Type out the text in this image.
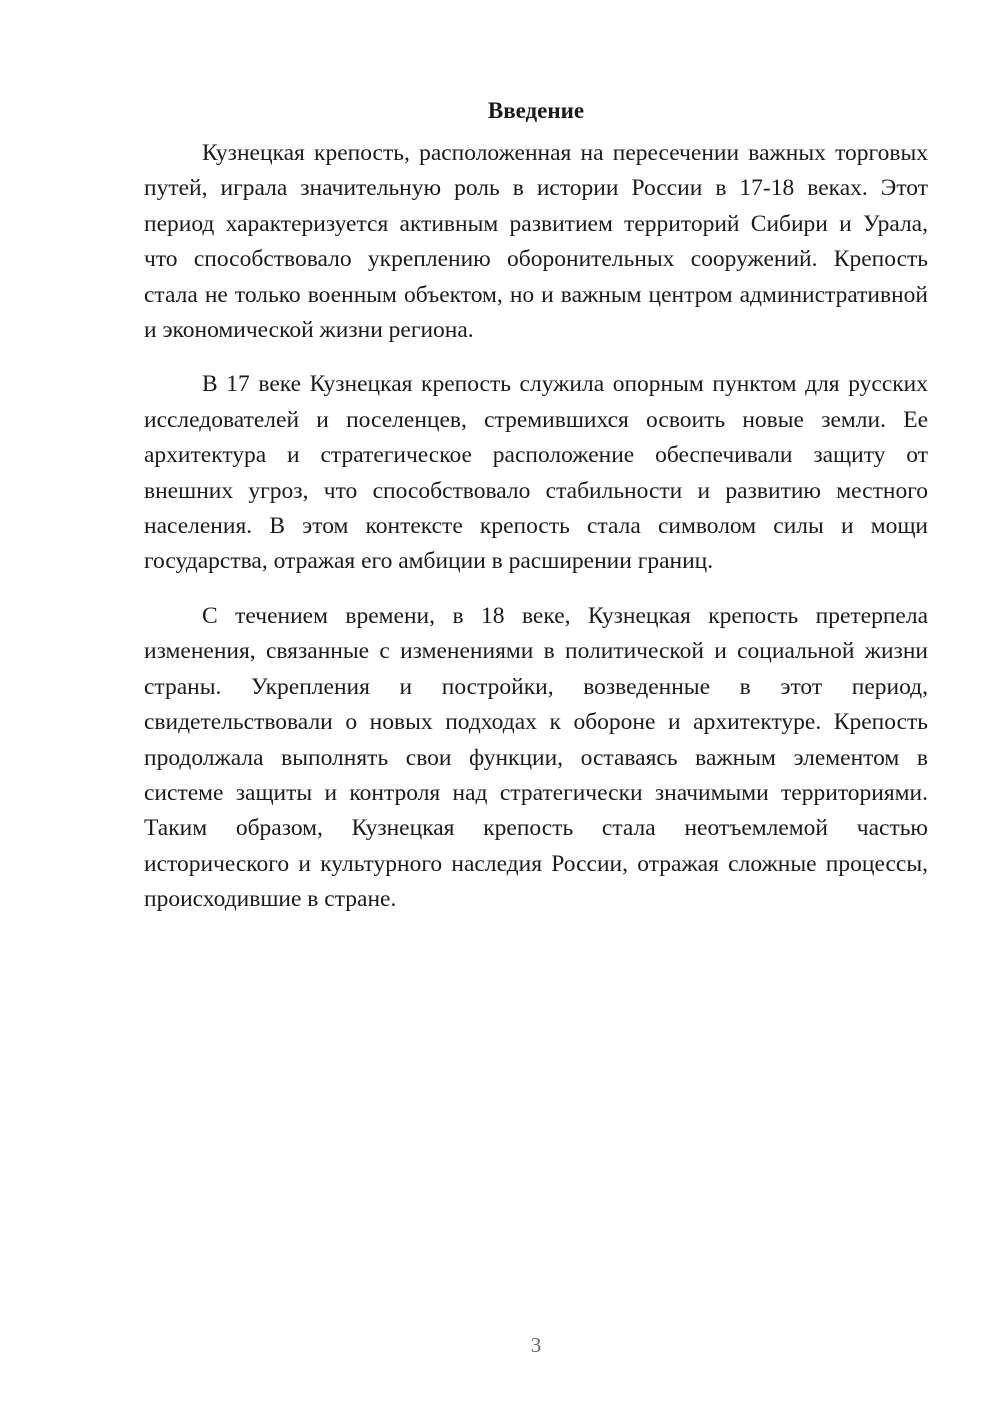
Введение

Кузнецкая крепость, расположенная на пересечении важных торговых путей, играла значительную роль в истории России в 17-18 веках. Этот период характеризуется активным развитием территорий Сибири и Урала, что способствовало укреплению оборонительных сооружений. Крепость стала не только военным объектом, но и важным центром административной и экономической жизни региона.

В 17 веке Кузнецкая крепость служила опорным пунктом для русских исследователей и поселенцев, стремившихся освоить новые земли. Ее архитектура и стратегическое расположение обеспечивали защиту от внешних угроз, что способствовало стабильности и развитию местного населения. В этом контексте крепость стала символом силы и мощи государства, отражая его амбиции в расширении границ.

С течением времени, в 18 веке, Кузнецкая крепость претерпела изменения, связанные с изменениями в политической и социальной жизни страны. Укрепления и постройки, возведенные в этот период, свидетельствовали о новых подходах к обороне и архитектуре. Крепость продолжала выполнять свои функции, оставаясь важным элементом в системе защиты и контроля над стратегически значимыми территориями. Таким образом, Кузнецкая крепость стала неотъемлемой частью исторического и культурного наследия России, отражая сложные процессы, происходившие в стране.

3
